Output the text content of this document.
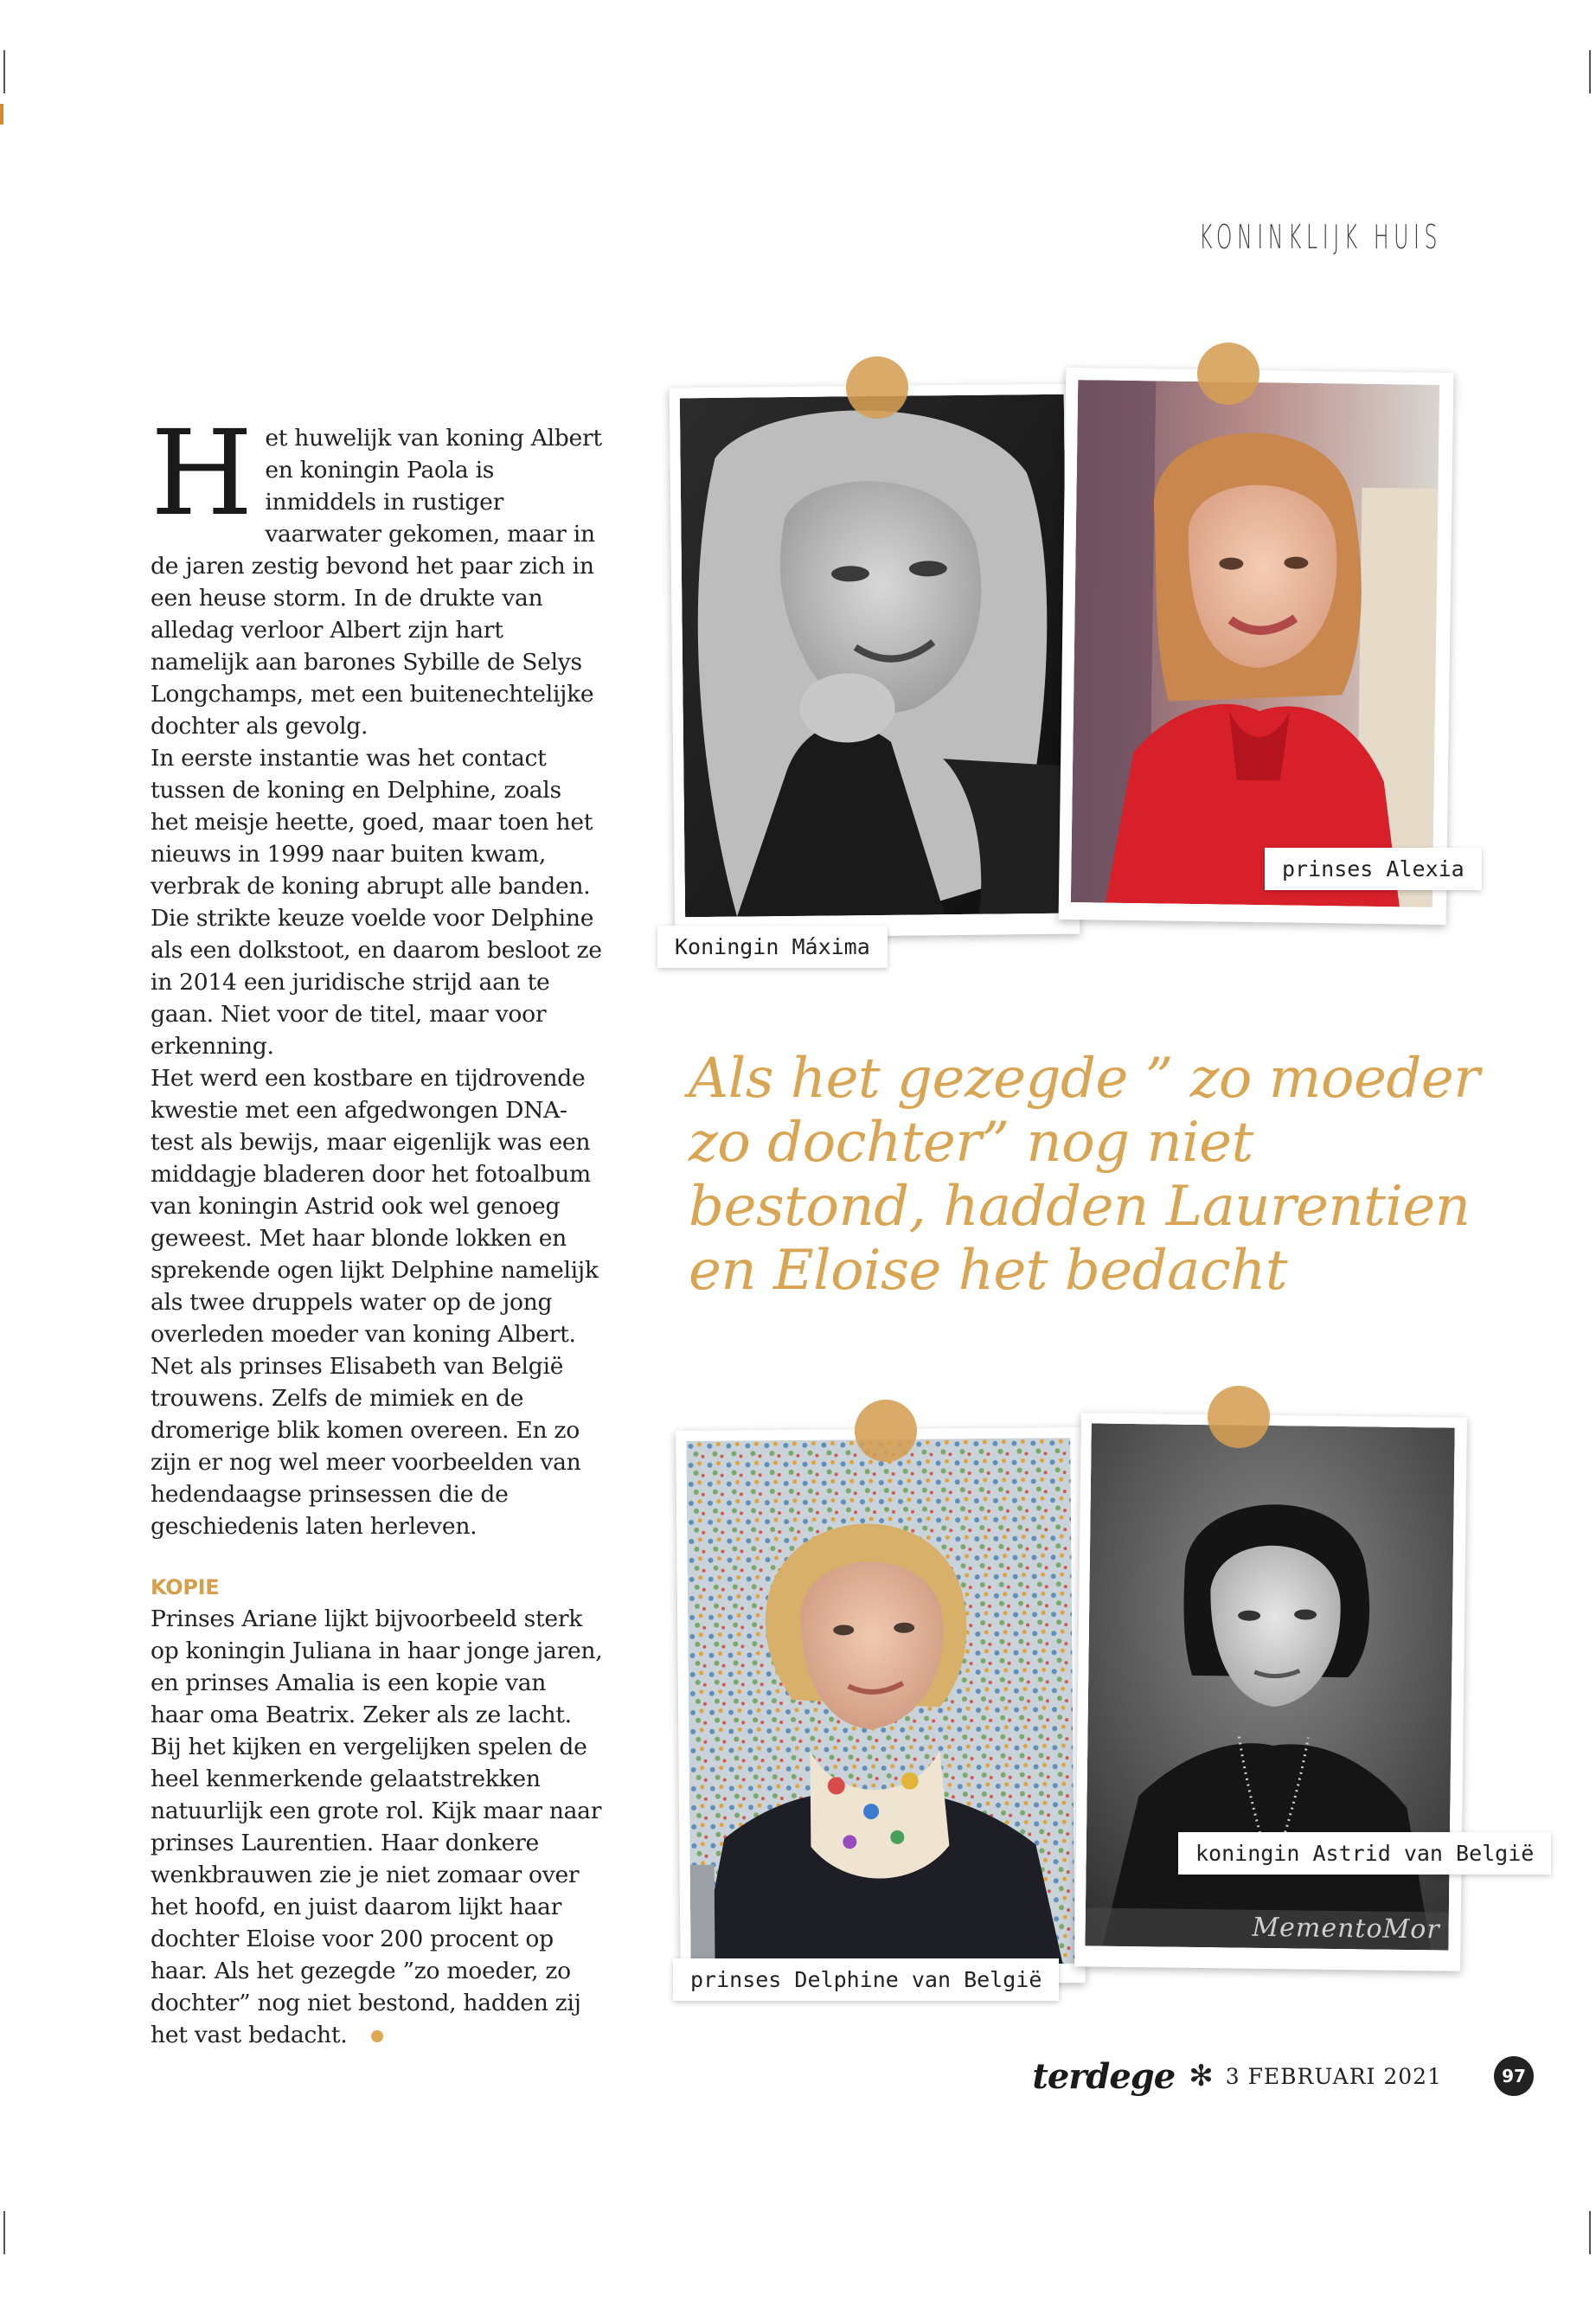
KONINKLIJK HUIS

Het huwelijk van koning Albert en koningin Paola is inmiddels in rustiger vaarwater gekomen, maar in de jaren zestig bevond het paar zich in een heuse storm. In de drukte van alledag verloor Albert zijn hart namelijk aan barones Sybille de Selys Longchamps, met een buitenechtelijke dochter als gevolg.

In eerste instantie was het contact tussen de koning en Delphine, zoals het meisje heette, goed, maar toen het nieuws in 1999 naar buiten kwam, verbrak de koning abrupt alle banden. Die strikte keuze voelde voor Delphine als een dolkstoot, en daarom besloot ze in 2014 een juridische strijd aan te gaan. Niet voor de titel, maar voor erkenning.

Het werd een kostbare en tijdrovende kwestie met een afgedwongen DNA-test als bewijs, maar eigenlijk was een middagje bladeren door het fotoalbum van koningin Astrid ook wel genoeg geweest. Met haar blonde lokken en sprekende ogen lijkt Delphine namelijk als twee druppels water op de jong overleden moeder van koning Albert. Net als prinses Elisabeth van België trouwens. Zelfs de mimiek en de dromerige blik komen overeen. En zo zijn er nog wel meer voorbeelden van hedendaagse prinsessen die de geschiedenis laten herleven.

KOPIE

Prinses Ariane lijkt bijvoorbeeld sterk op koningin Juliana in haar jonge jaren, en prinses Amalia is een kopie van haar oma Beatrix. Zeker als ze lacht. Bij het kijken en vergelijken spelen de heel kenmerkende gelaatstrekken natuurlijk een grote rol. Kijk maar naar prinses Laurentien. Haar donkere wenkbrauwen zie je niet zomaar over het hoofd, en juist daarom lijkt haar dochter Eloise voor 200 procent op haar. Als het gezegde ”zo moeder, zo dochter” nog niet bestond, hadden zij het vast bedacht.

Koningin Máxima
prinses Alexia
Als het gezegde ” zo moeder zo dochter” nog niet bestond, hadden Laurentien en Eloise het bedacht
prinses Delphine van België
MementoMor
koningin Astrid van België
terdege ✻ 3 FEBRUARI 2021	97
